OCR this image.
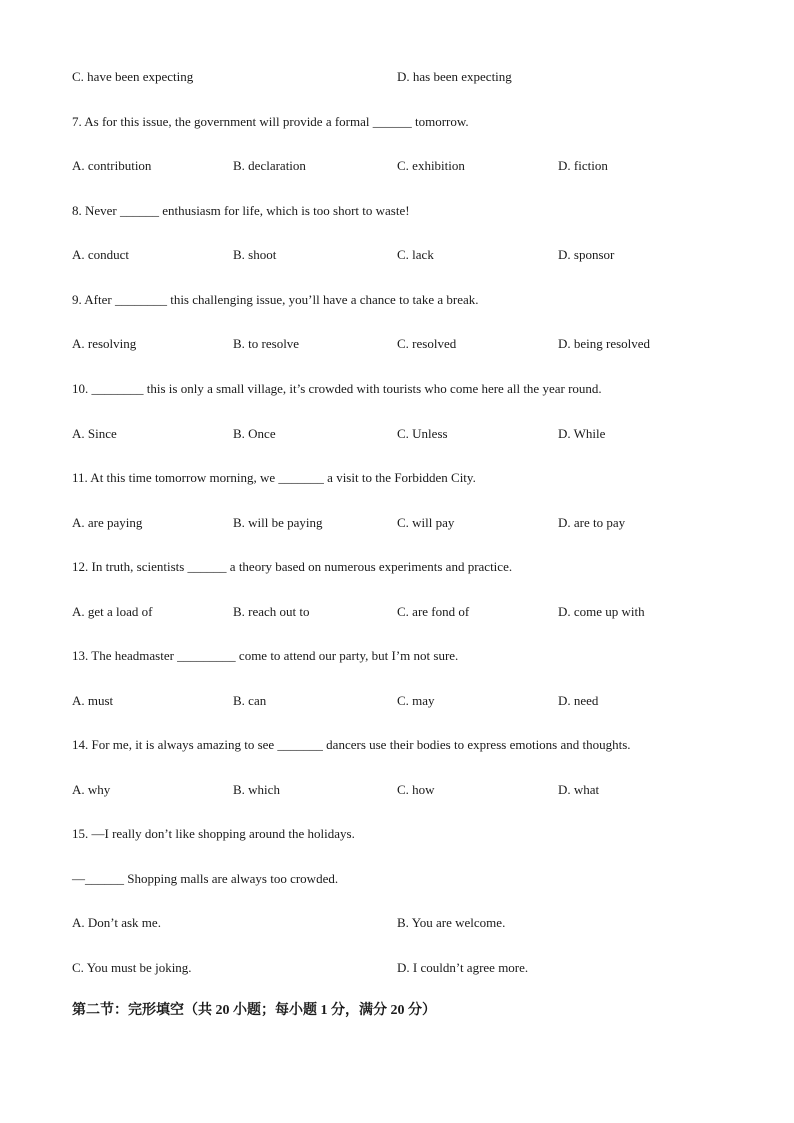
C. have been expecting	D. has been expecting
7. As for this issue, the government will provide a formal ______ tomorrow.
A. contribution	B. declaration	C. exhibition	D. fiction
8. Never ______ enthusiasm for life, which is too short to waste!
A. conduct	B. shoot	C. lack	D. sponsor
9. After ________ this challenging issue, you’ll have a chance to take a break.
A. resolving	B. to resolve	C. resolved	D. being resolved
10. ________ this is only a small village, it’s crowded with tourists who come here all the year round.
A. Since	B. Once	C. Unless	D. While
11. At this time tomorrow morning, we _______ a visit to the Forbidden City.
A. are paying	B. will be paying	C. will pay	D. are to pay
12. In truth, scientists ______ a theory based on numerous experiments and practice.
A. get a load of	B. reach out to	C. are fond of	D. come up with
13. The headmaster _________ come to attend our party, but I’m not sure.
A. must	B. can	C. may	D. need
14. For me, it is always amazing to see _______ dancers use their bodies to express emotions and thoughts.
A. why	B. which	C. how	D. what
15. —I really don’t like shopping around the holidays.
—______ Shopping malls are always too crowded.
A. Don’t ask me.	B. You are welcome.
C. You must be joking.	D. I couldn’t agree more.
第二节：完形填空（共 20 小题；每小题 1 分，满分 20 分）
